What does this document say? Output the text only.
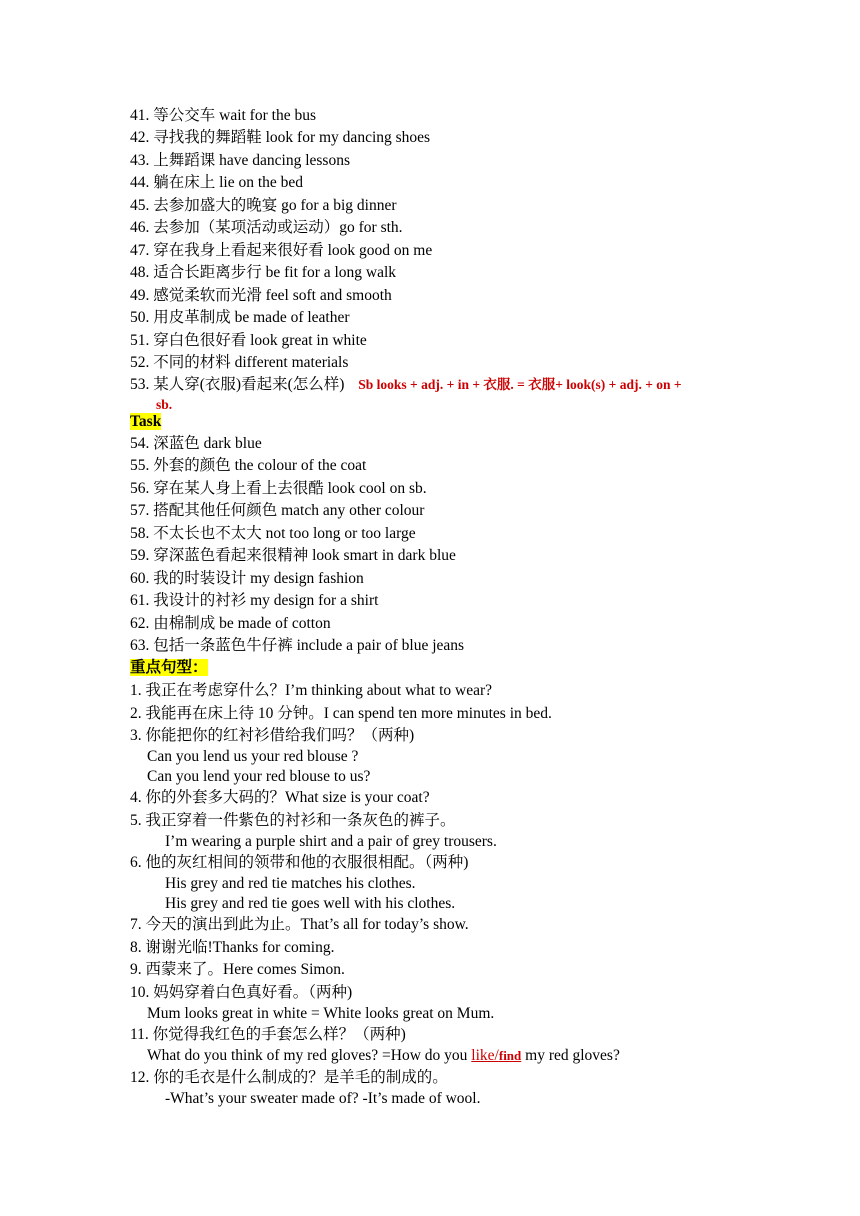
41. 等公交车 wait for the bus
42. 寻找我的舞蹈鞋 look for my dancing shoes
43. 上舞蹈课 have dancing lessons
44. 躺在床上 lie on the bed
45. 去参加盛大的晚宴 go for a big dinner
46. 去参加（某项活动或运动）go for sth.
47. 穿在我身上看起来很好看 look good on me
48. 适合长距离步行 be fit for a long walk
49. 感觉柔软而光滑 feel soft and smooth
50. 用皮革制成 be made of leather
51. 穿白色很好看 look great in white
52. 不同的材料 different materials
53. 某人穿(衣服)看起来(怎么样) Sb looks + adj. + in + 衣服. = 衣服+ look(s) + adj. + on +
sb.
Task
54. 深蓝色 dark blue
55. 外套的颜色 the colour of the coat
56. 穿在某人身上看上去很酷 look cool on sb.
57. 搭配其他任何颜色 match any other colour
58. 不太长也不太大 not too long or too large
59. 穿深蓝色看起来很精神 look smart in dark blue
60. 我的时装设计 my design fashion
61. 我设计的衬衫 my design for a shirt
62. 由棉制成 be made of cotton
63. 包括一条蓝色牛仔裤 include a pair of blue jeans
重点句型：
1. 我正在考虑穿什么？I’m thinking about what to wear?
2. 我能再在床上待 10 分钟。I can spend ten more minutes in bed.
3. 你能把你的红衬衫借给我们吗？（两种)
Can you lend us your red blouse ?
Can you lend your red blouse to us?
4. 你的外套多大码的？What size is your coat?
5. 我正穿着一件紫色的衬衫和一条灰色的裤子。
I’m wearing a purple shirt and a pair of grey trousers.
6. 他的灰红相间的领带和他的衣服很相配。（两种)
His grey and red tie matches his clothes.
His grey and red tie goes well with his clothes.
7. 今天的演出到此为止。That’s all for today’s show.
8. 谢谢光临!Thanks for coming.
9. 西蒙来了。Here comes Simon.
10. 妈妈穿着白色真好看。（两种)
Mum looks great in white = White looks great on Mum.
11. 你觉得我红色的手套怎么样？（两种)
What do you think of my red gloves? =How do you like/find my red gloves?
12. 你的毛衣是什么制成的？是羊毛的制成的。
-What’s your sweater made of? -It’s made of wool.
